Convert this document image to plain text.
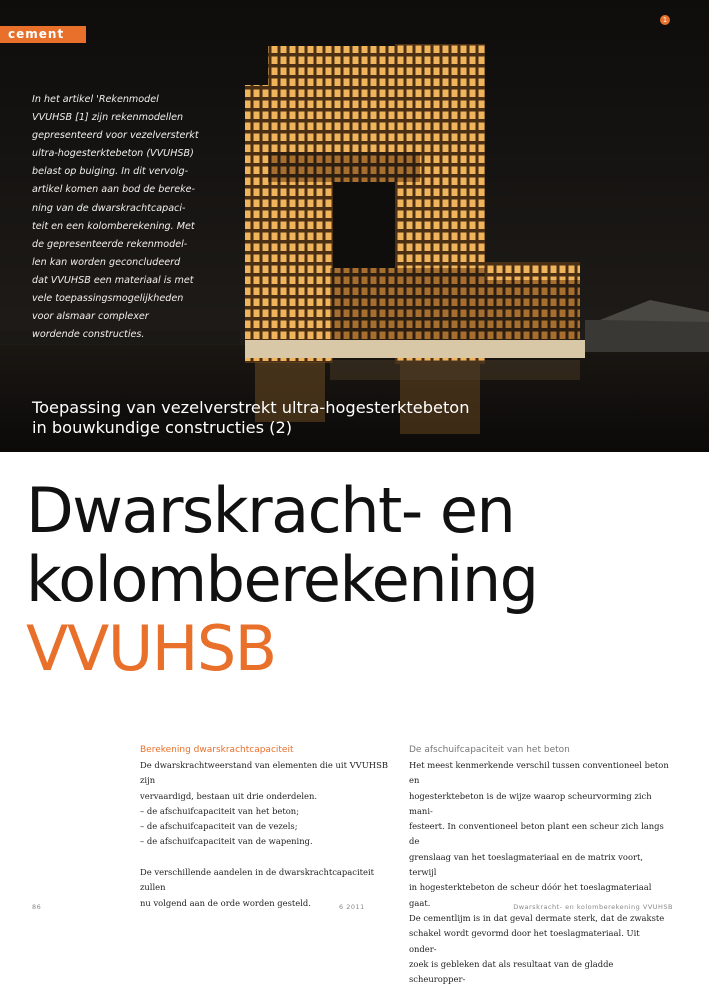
cement
1

In het artikel 'Rekenmodel
VVUHSB [1] zijn rekenmodellen
gepresenteerd voor vezelversterkt
ultra-hogesterktebeton (VVUHSB)
belast op buiging. In dit vervolg-
artikel komen aan bod de bereke-
ning van de dwarskrachtcapaci-
teit en een kolomberekening. Met
de gepresenteerde rekenmodel-
len kan worden geconcludeerd
dat VVUHSB een materiaal is met
vele toepassingsmogelijkheden
voor alsmaar complexer
wordende constructies.

Toepassing van vezelverstrekt ultra-hogesterktebeton
in bouwkundige constructies (2)
Dwarskracht- en
kolomberekening
VVUHSB
Berekening dwarskrachtcapaciteit

De dwarskrachtweerstand van elementen die uit VVUHSB zijn
vervaardigd, bestaan uit drie onderdelen.
– de afschuifcapaciteit van het beton;
– de afschuifcapaciteit van de vezels;
– de afschuifcapaciteit van de wapening.

De verschillende aandelen in de dwarskrachtcapaciteit zullen
nu volgend aan de orde worden gesteld.

De afschuifcapaciteit van het beton

Het meest kenmerkende verschil tussen conventioneel beton en
hogesterktebeton is de wijze waarop scheurvorming zich mani-
festeert. In conventioneel beton plant een scheur zich langs de
grenslaag van het toeslagmateriaal en de matrix voort, terwijl
in hogesterktebeton de scheur dóór het toeslagmateriaal gaat.
De cementlijm is in dat geval dermate sterk, dat de zwakste
schakel wordt gevormd door het toeslagmateriaal. Uit onder-
zoek is gebleken dat als resultaat van de gladde scheuropper-

86	6 2011	Dwarskracht- en kolomberekening VVUHSB
